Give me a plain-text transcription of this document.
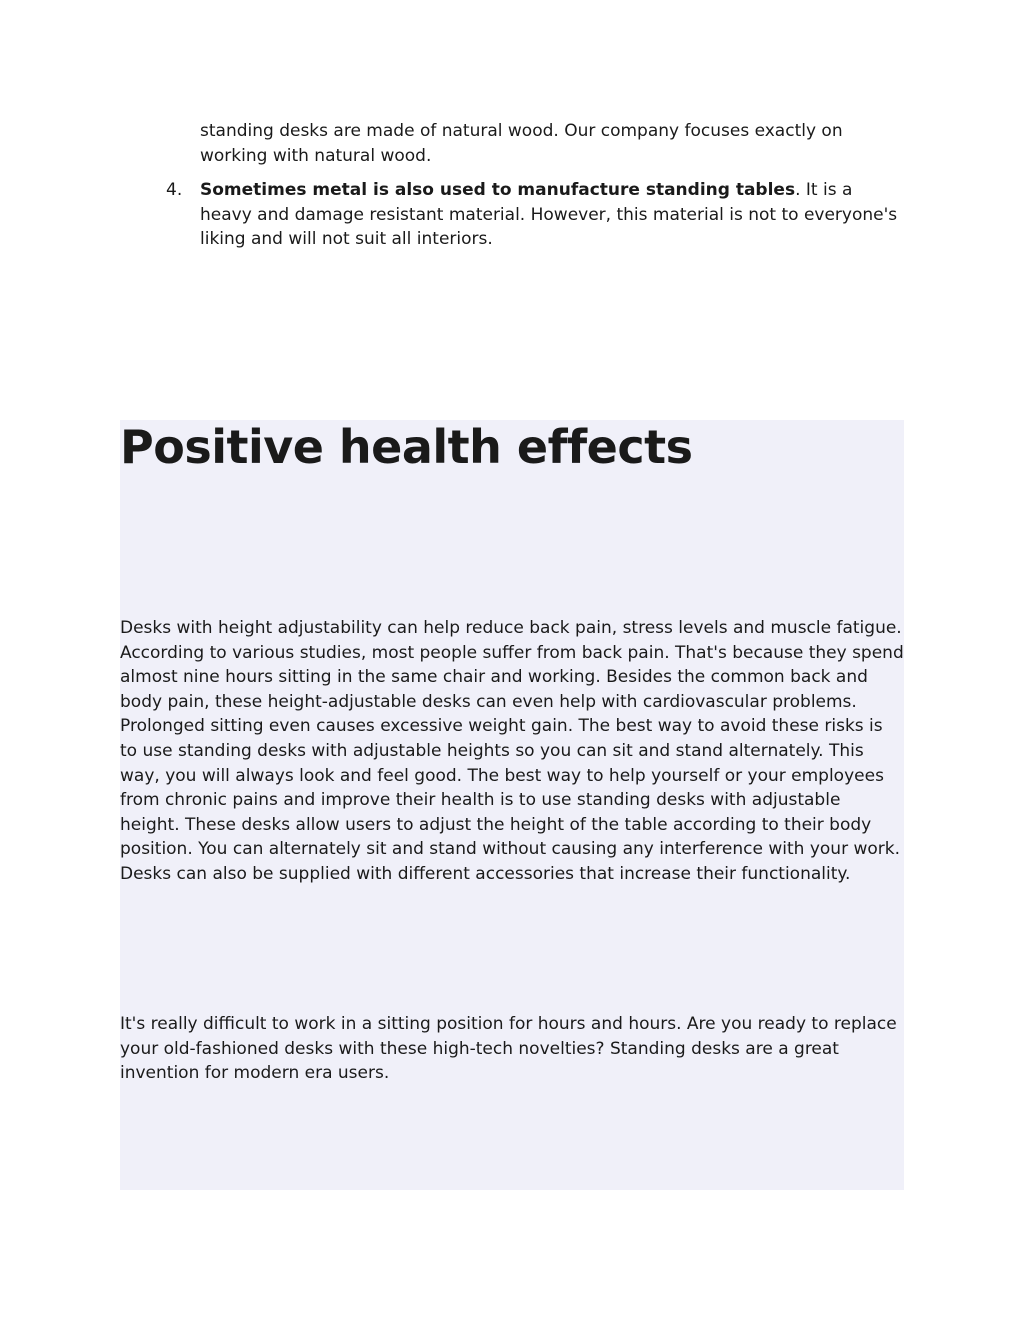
standing desks are made of natural wood. Our company focuses exactly on working with natural wood.

4.	Sometimes metal is also used to manufacture standing tables. It is a heavy and damage resistant material. However, this material is not to everyone's liking and will not suit all interiors.
Positive health effects

Desks with height adjustability can help reduce back pain, stress levels and muscle fatigue. According to various studies, most people suffer from back pain. That's because they spend almost nine hours sitting in the same chair and working. Besides the common back and body pain, these height-adjustable desks can even help with cardiovascular problems. Prolonged sitting even causes excessive weight gain. The best way to avoid these risks is to use standing desks with adjustable heights so you can sit and stand alternately. This way, you will always look and feel good. The best way to help yourself or your employees from chronic pains and improve their health is to use standing desks with adjustable height. These desks allow users to adjust the height of the table according to their body position. You can alternately sit and stand without causing any interference with your work. Desks can also be supplied with different accessories that increase their functionality.

It's really difficult to work in a sitting position for hours and hours. Are you ready to replace your old-fashioned desks with these high-tech novelties? Standing desks are a great invention for modern era users.
